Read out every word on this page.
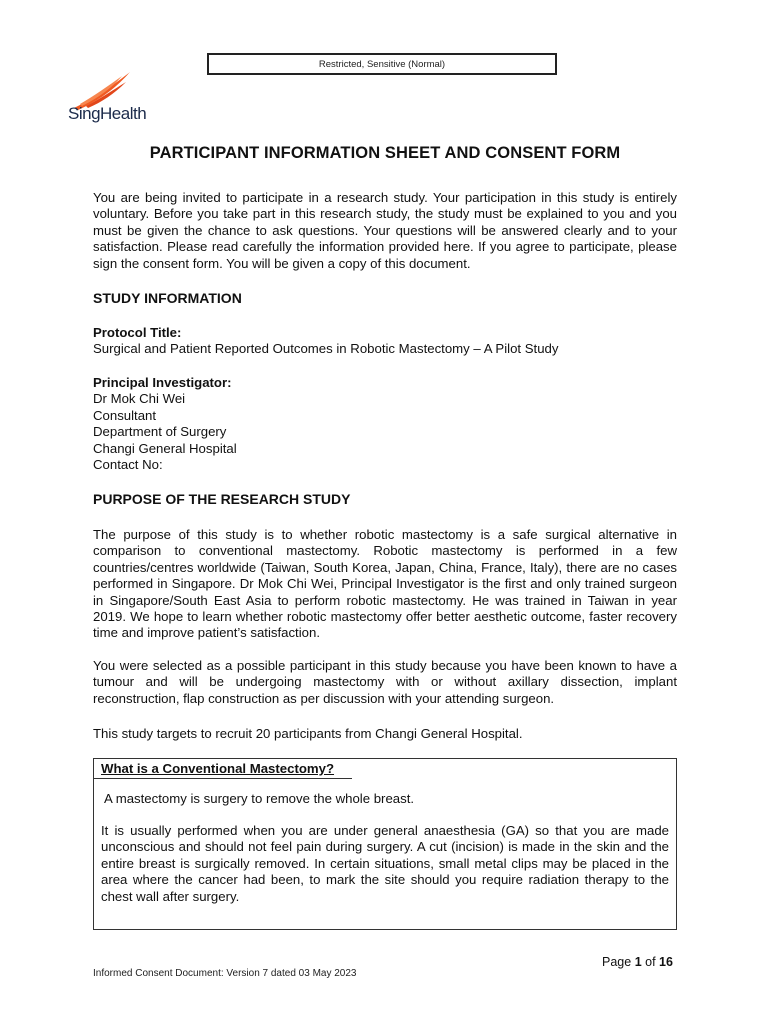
Restricted, Sensitive (Normal)
SingHealth
PARTICIPANT INFORMATION SHEET AND CONSENT FORM
You are being invited to participate in a research study. Your participation in this study is entirely voluntary. Before you take part in this research study, the study must be explained to you and you must be given the chance to ask questions. Your questions will be answered clearly and to your satisfaction. Please read carefully the information provided here. If you agree to participate, please sign the consent form. You will be given a copy of this document.
STUDY INFORMATION
Protocol Title:
Surgical and Patient Reported Outcomes in Robotic Mastectomy – A Pilot Study
Principal Investigator:
Dr Mok Chi Wei
Consultant
Department of Surgery
Changi General Hospital
Contact No:
PURPOSE OF THE RESEARCH STUDY
The purpose of this study is to whether robotic mastectomy is a safe surgical alternative in comparison to conventional mastectomy. Robotic mastectomy is performed in a few countries/centres worldwide (Taiwan, South Korea, Japan, China, France, Italy), there are no cases performed in Singapore. Dr Mok Chi Wei, Principal Investigator is the first and only trained surgeon in Singapore/South East Asia to perform robotic mastectomy. He was trained in Taiwan in year 2019. We hope to learn whether robotic mastectomy offer better aesthetic outcome, faster recovery time and improve patient’s satisfaction.
You were selected as a possible participant in this study because you have been known to have a tumour and will be undergoing mastectomy with or without axillary dissection, implant reconstruction, flap construction as per discussion with your attending surgeon.
This study targets to recruit 20 participants from Changi General Hospital.
What is a Conventional Mastectomy?
A mastectomy is surgery to remove the whole breast.
It is usually performed when you are under general anaesthesia (GA) so that you are made unconscious and should not feel pain during surgery. A cut (incision) is made in the skin and the entire breast is surgically removed. In certain situations, small metal clips may be placed in the area where the cancer had been, to mark the site should you require radiation therapy to the chest wall after surgery.
Page 1 of 16
Informed Consent Document: Version 7 dated 03 May 2023
